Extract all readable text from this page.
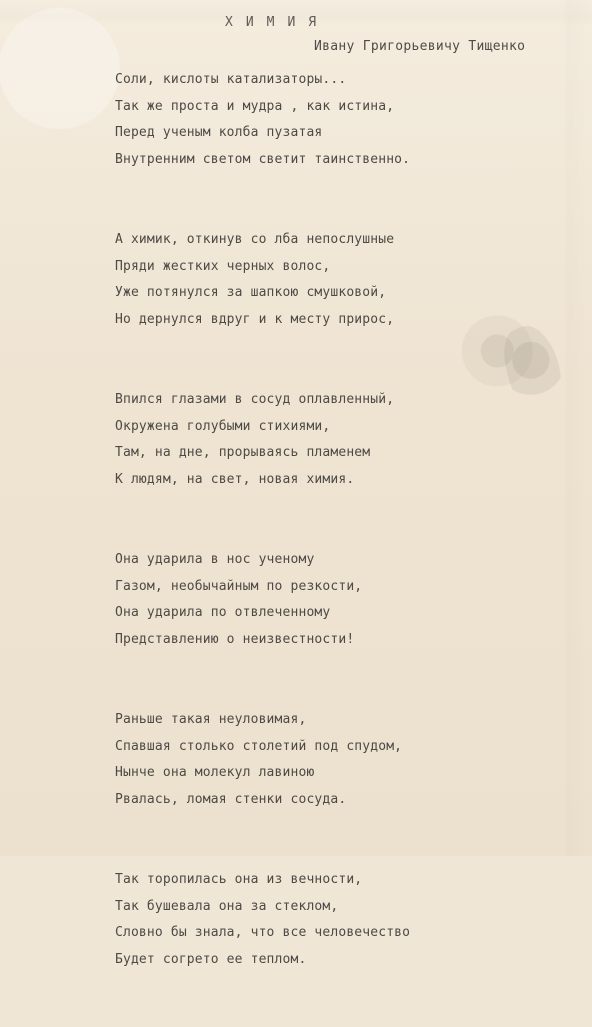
ХИМИЯ
Ивану Григорьевичу Тищенко
Соли, кислоты катализаторы...
Так же проста и мудра , как истина,
Перед ученым колба пузатая
Внутренним светом светит таинственно.
А химик, откинув со лба непослушные
Пряди жестких черных волос,
Уже потянулся за шапкою смушковой,
Но дернулся вдруг и к месту прирос,
Впился глазами в сосуд оплавленный,
Окружена голубыми стихиями,
Там, на дне, прорываясь пламенем
К людям, на свет, новая химия.
Она ударила в нос ученому
Газом, необычайным по резкости,
Она ударила по отвлеченному
Представлению о неизвестности!
Раньше такая неуловимая,
Спавшая столько столетий под спудом,
Нынче она молекул лавиною
Рвалась, ломая стенки сосуда.
Так торопилась она из вечности,
Так бушевала она за стеклом,
Словно бы знала, что все человечество
Будет согрето ее теплом.
